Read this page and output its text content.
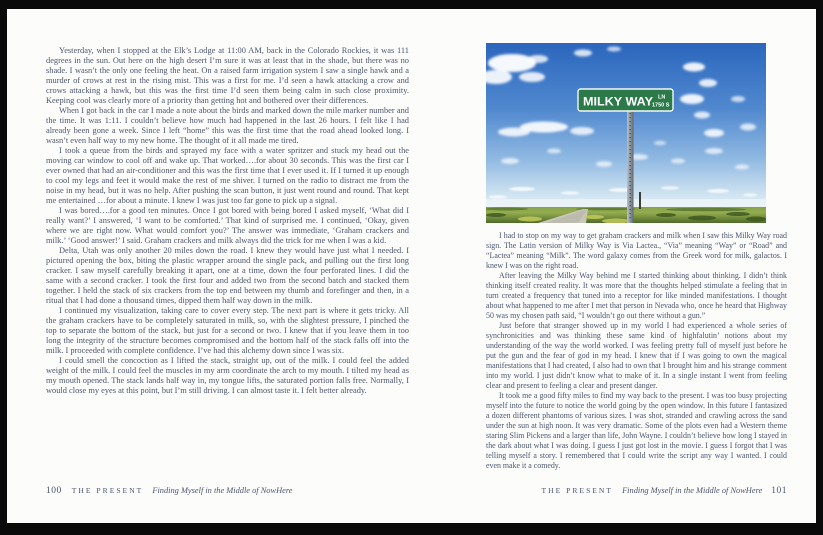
Yesterday, when I stopped at the Elk’s Lodge at 11:00 AM, back in the Colorado Rockies, it was 111 degrees in the sun. Out here on the high desert I’m sure it was at least that in the shade, but there was no shade. I wasn’t the only one feeling the heat. On a raised farm irrigation system I saw a single hawk and a murder of crows at rest in the rising mist. This was a first for me. I’d seen a hawk attacking a crow and crows attacking a hawk, but this was the first time I’d seen them being calm in such close proximity. Keeping cool was clearly more of a priority than getting hot and bothered over their differences.

When I got back in the car I made a note about the birds and marked down the mile marker number and the time. It was 1:11. I couldn’t believe how much had happened in the last 26 hours. I felt like I had already been gone a week. Since I left “home” this was the first time that the road ahead looked long. I wasn’t even half way to my new home. The thought of it all made me tired.

I took a queue from the birds and sprayed my face with a water spritzer and stuck my head out the moving car window to cool off and wake up. That worked….for about 30 seconds. This was the first car I ever owned that had an air-conditioner and this was the first time that I ever used it. If I turned it up enough to cool my legs and feet it would make the rest of me shiver. I turned on the radio to distract me from the noise in my head, but it was no help. After pushing the scan button, it just went round and round. That kept me entertained …for about a minute. I knew I was just too far gone to pick up a signal.

I was bored….for a good ten minutes. Once I got bored with being bored I asked myself, ‘What did I really want?’ I answered, ‘I want to be comforted.’ That kind of surprised me. I continued, ‘Okay, given where we are right now. What would comfort you?’ The answer was immediate, ‘Graham crackers and milk.’ ‘Good answer!’ I said. Graham crackers and milk always did the trick for me when I was a kid.

Delta, Utah was only another 20 miles down the road. I knew they would have just what I needed. I pictured opening the box, biting the plastic wrapper around the single pack, and pulling out the first long cracker. I saw myself carefully breaking it apart, one at a time, down the four perforated lines. I did the same with a second cracker. I took the first four and added two from the second batch and stacked them together. I held the stack of six crackers from the top end between my thumb and forefinger and then, in a ritual that I had done a thousand times, dipped them half way down in the milk.

I continued my visualization, taking care to cover every step. The next part is where it gets tricky. All the graham crackers have to be completely saturated in milk, so, with the slightest pressure, I pinched the top to separate the bottom of the stack, but just for a second or two. I knew that if you leave them in too long the integrity of the structure becomes compromised and the bottom half of the stack falls off into the milk. I proceeded with complete confidence. I’ve had this alchemy down since I was six.

I could smell the concoction as I lifted the stack, straight up, out of the milk. I could feel the added weight of the milk. I could feel the muscles in my arm coordinate the arch to my mouth. I tilted my head as my mouth opened. The stack lands half way in, my tongue lifts, the saturated portion falls free. Normally, I would close my eyes at this point, but I’m still driving. I can almost taste it. I felt better already.

100 THE PRESENT Finding Myself in the Middle of NowHere
MILKY WAY LN
1750 S

I had to stop on my way to get graham crackers and milk when I saw this Milky Way road sign. The Latin version of Milky Way is Via Lactea., “Via” meaning “Way” or “Road” and “Lactea” meaning “Milk”. The word galaxy comes from the Greek word for milk, galactos. I knew I was on the right road.

After leaving the Milky Way behind me I started thinking about thinking. I didn’t think thinking itself created reality. It was more that the thoughts helped stimulate a feeling that in turn created a frequency that tuned into a receptor for like minded manifestations. I thought about what happened to me after I met that person in Nevada who, once he heard that Highway 50 was my chosen path said, “I wouldn’t go out there without a gun.”

Just before that stranger showed up in my world I had experienced a whole series of synchronicities and was thinking these same kind of highfalutin’ notions about my understanding of the way the world worked. I was feeling pretty full of myself just before he put the gun and the fear of god in my head. I knew that if I was going to own the magical manifestations that I had created, I also had to own that I brought him and his strange comment into my world. I just didn’t know what to make of it. In a single instant I went from feeling clear and present to feeling a clear and present danger.

It took me a good fifty miles to find my way back to the present. I was too busy projecting myself into the future to notice the world going by the open window. In this future I fantasized a dozen different phantoms of various sizes. I was shot, stranded and crawling across the sand under the sun at high noon. It was very dramatic. Some of the plots even had a Western theme staring Slim Pickens and a larger than life, John Wayne. I couldn’t believe how long I stayed in the dark about what I was doing. I guess I just got lost in the movie. I guess I forgot that I was telling myself a story. I remembered that I could write the script any way I wanted. I could even make it a comedy.

THE PRESENT Finding Myself in the Middle of NowHere 101
